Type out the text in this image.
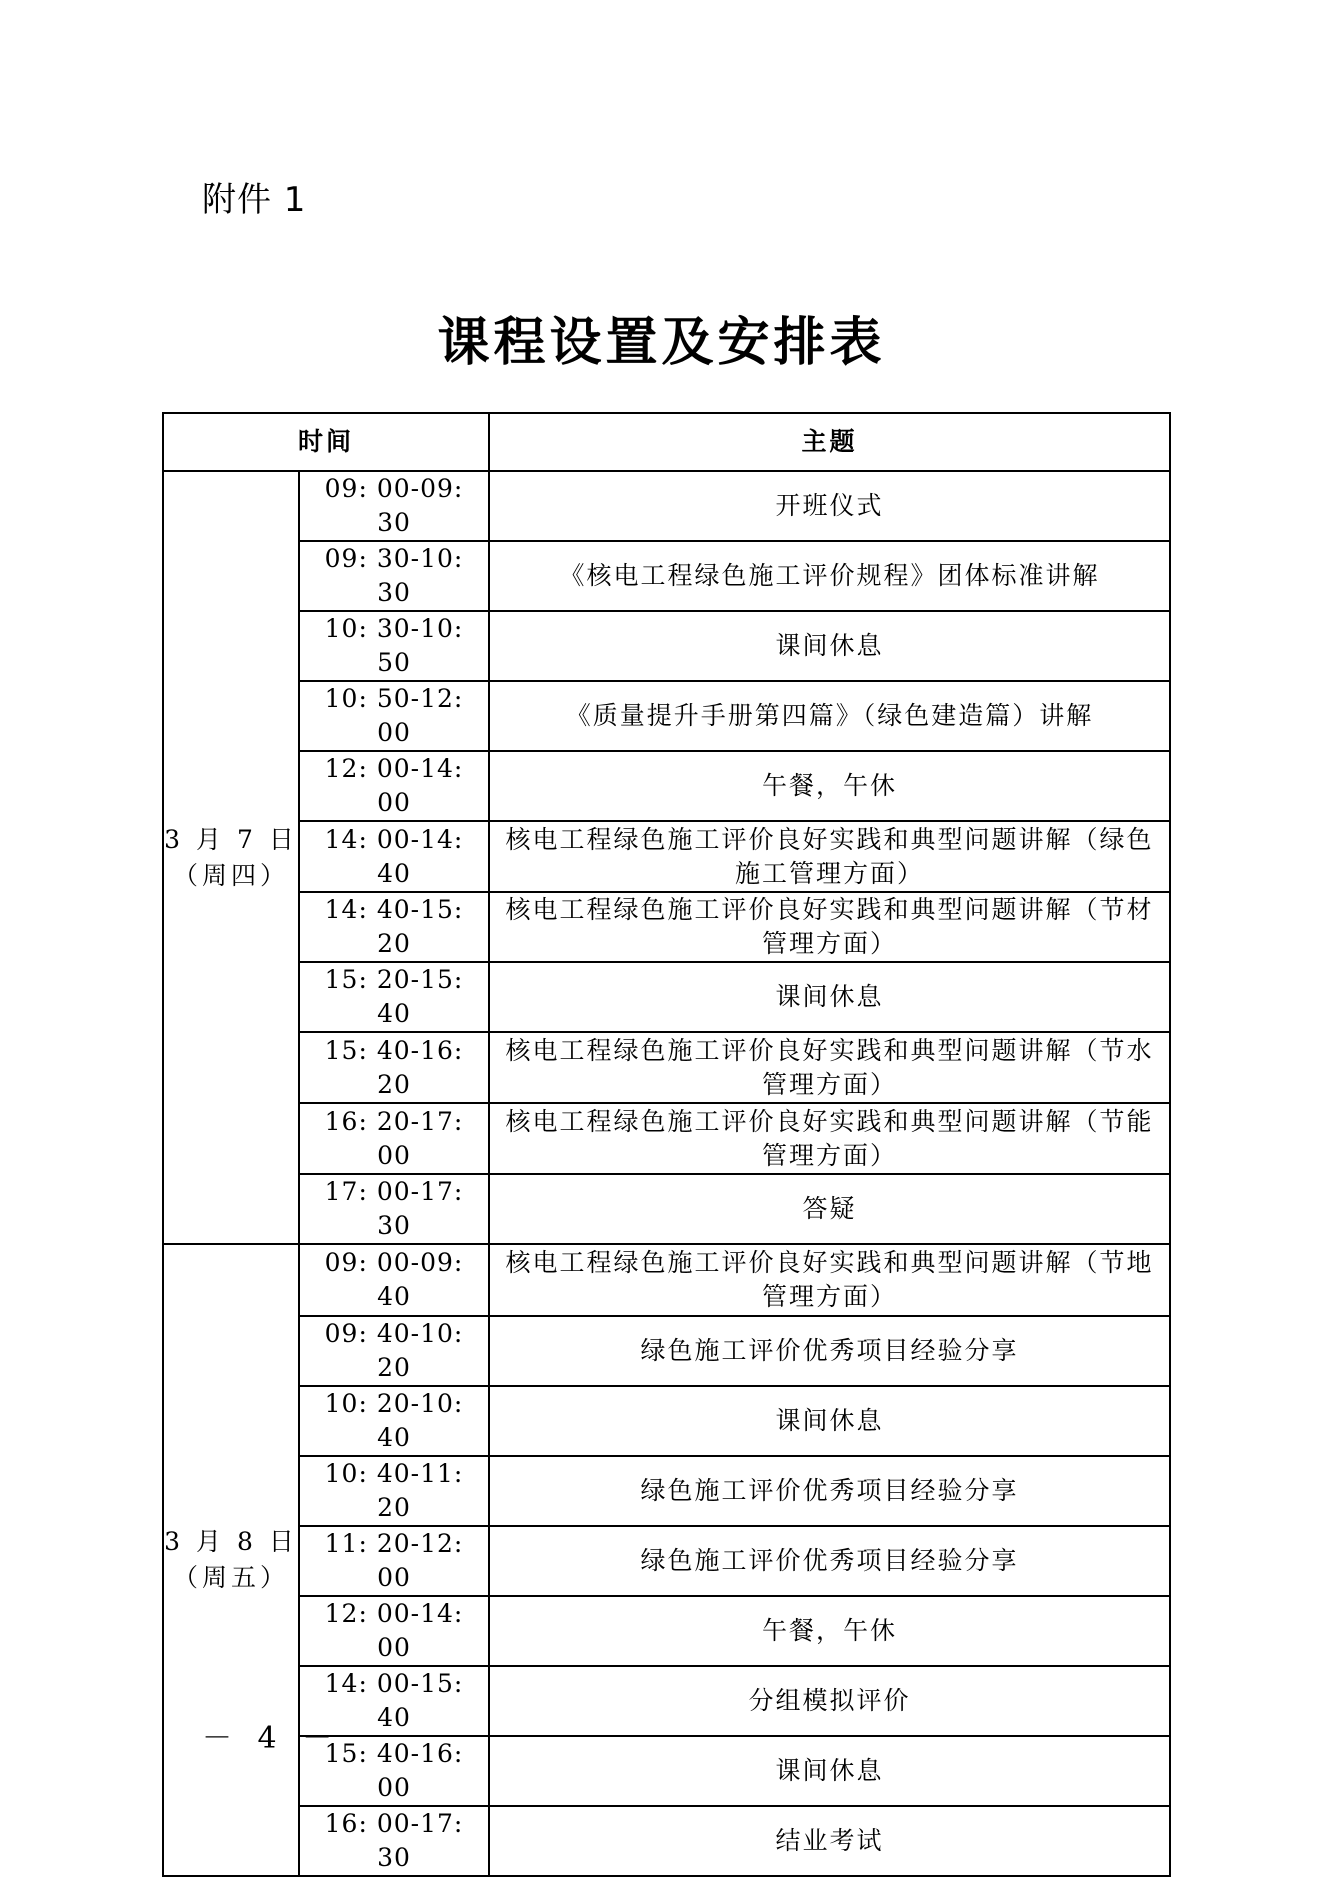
附件 1
课程设置及安排表
时间		主题

3 月 7 日
（周四）	09: 00-09: 30	开班仪式
	09: 30-10: 30	《核电工程绿色施工评价规程》团体标准讲解
	10: 30-10: 50	课间休息
	10: 50-12: 00	《质量提升手册第四篇》（绿色建造篇）讲解
	12: 00-14: 00	午餐，午休
	14: 00-14: 40	核电工程绿色施工评价良好实践和典型问题讲解（绿色施工管理方面）
	14: 40-15: 20	核电工程绿色施工评价良好实践和典型问题讲解（节材管理方面）
	15: 20-15: 40	课间休息
	15: 40-16: 20	核电工程绿色施工评价良好实践和典型问题讲解（节水管理方面）
	16: 20-17: 00	核电工程绿色施工评价良好实践和典型问题讲解（节能管理方面）
	17: 00-17: 30	答疑

3 月 8 日
（周五）	09: 00-09: 40	核电工程绿色施工评价良好实践和典型问题讲解（节地管理方面）
	09: 40-10: 20	绿色施工评价优秀项目经验分享
	10: 20-10: 40	课间休息
	10: 40-11: 20	绿色施工评价优秀项目经验分享
	11: 20-12: 00	绿色施工评价优秀项目经验分享
	12: 00-14: 00	午餐，午休
	14: 00-15: 40	分组模拟评价
	15: 40-16: 00	课间休息
	16: 00-17: 30	结业考试
－ 4 －
